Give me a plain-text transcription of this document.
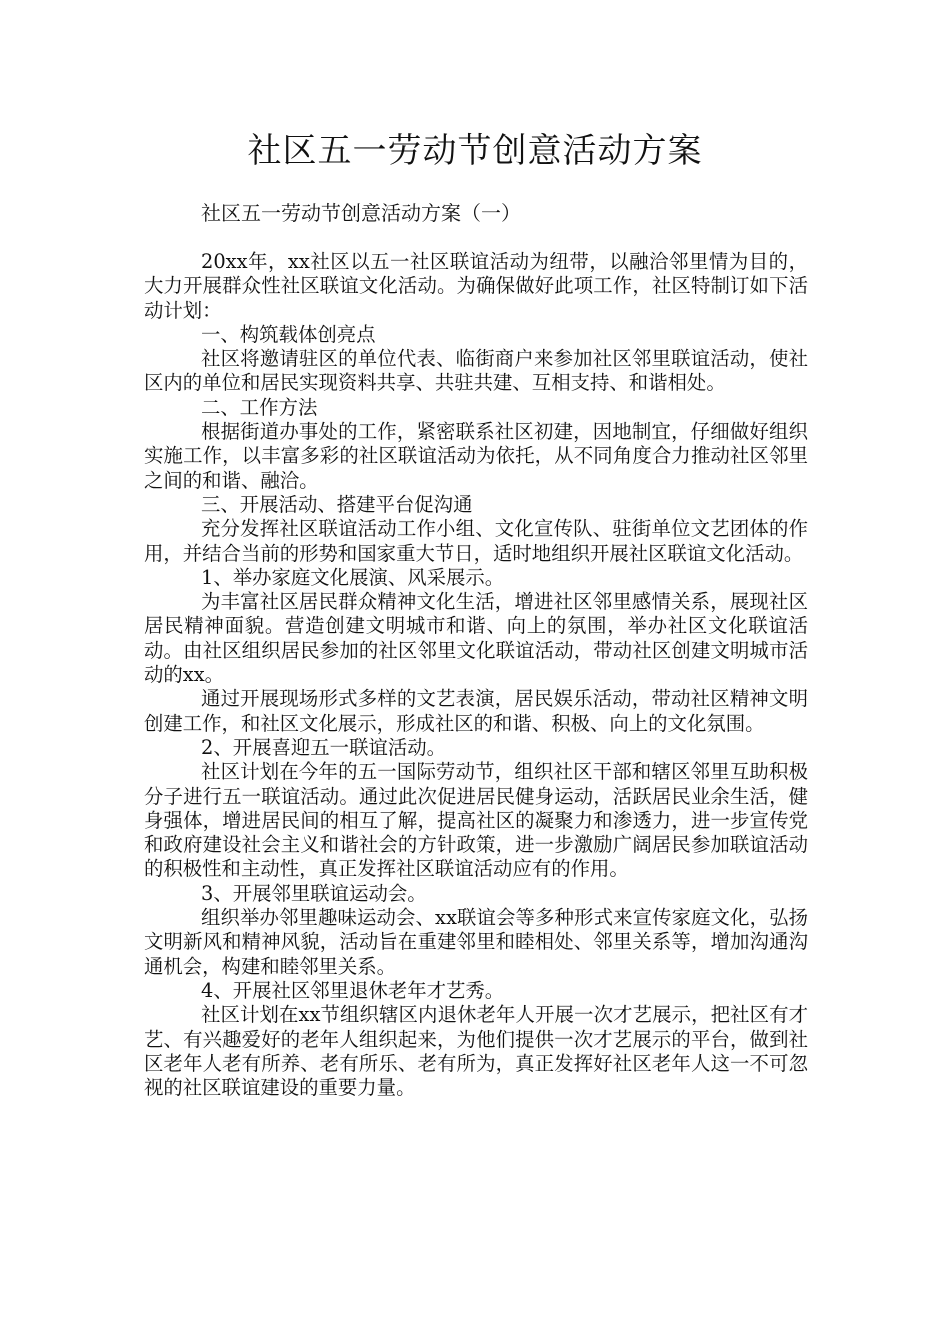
社区五一劳动节创意活动方案
社区五一劳动节创意活动方案（一）

20xx年，xx社区以五一社区联谊活动为纽带，以融洽邻里情为目的，大力开展群众性社区联谊文化活动。为确保做好此项工作，社区特制订如下活动计划：

一、构筑载体创亮点

社区将邀请驻区的单位代表、临街商户来参加社区邻里联谊活动，使社区内的单位和居民实现资料共享、共驻共建、互相支持、和谐相处。

二、工作方法

根据街道办事处的工作，紧密联系社区初建，因地制宜，仔细做好组织实施工作，以丰富多彩的社区联谊活动为依托，从不同角度合力推动社区邻里之间的和谐、融洽。

三、开展活动、搭建平台促沟通

充分发挥社区联谊活动工作小组、文化宣传队、驻街单位文艺团体的作用，并结合当前的形势和国家重大节日，适时地组织开展社区联谊文化活动。

1、举办家庭文化展演、风采展示。

为丰富社区居民群众精神文化生活，增进社区邻里感情关系，展现社区居民精神面貌。营造创建文明城市和谐、向上的氛围，举办社区文化联谊活动。由社区组织居民参加的社区邻里文化联谊活动，带动社区创建文明城市活动的xx。

通过开展现场形式多样的文艺表演，居民娱乐活动，带动社区精神文明创建工作，和社区文化展示，形成社区的和谐、积极、向上的文化氛围。

2、开展喜迎五一联谊活动。

社区计划在今年的五一国际劳动节，组织社区干部和辖区邻里互助积极分子进行五一联谊活动。通过此次促进居民健身运动，活跃居民业余生活，健身强体，增进居民间的相互了解，提高社区的凝聚力和渗透力，进一步宣传党和政府建设社会主义和谐社会的方针政策，进一步激励广阔居民参加联谊活动的积极性和主动性，真正发挥社区联谊活动应有的作用。

3、开展邻里联谊运动会。

组织举办邻里趣味运动会、xx联谊会等多种形式来宣传家庭文化，弘扬文明新风和精神风貌，活动旨在重建邻里和睦相处、邻里关系等，增加沟通沟通机会，构建和睦邻里关系。

4、开展社区邻里退休老年才艺秀。

社区计划在xx节组织辖区内退休老年人开展一次才艺展示，把社区有才艺、有兴趣爱好的老年人组织起来，为他们提供一次才艺展示的平台，做到社区老年人老有所养、老有所乐、老有所为，真正发挥好社区老年人这一不可忽视的社区联谊建设的重要力量。
